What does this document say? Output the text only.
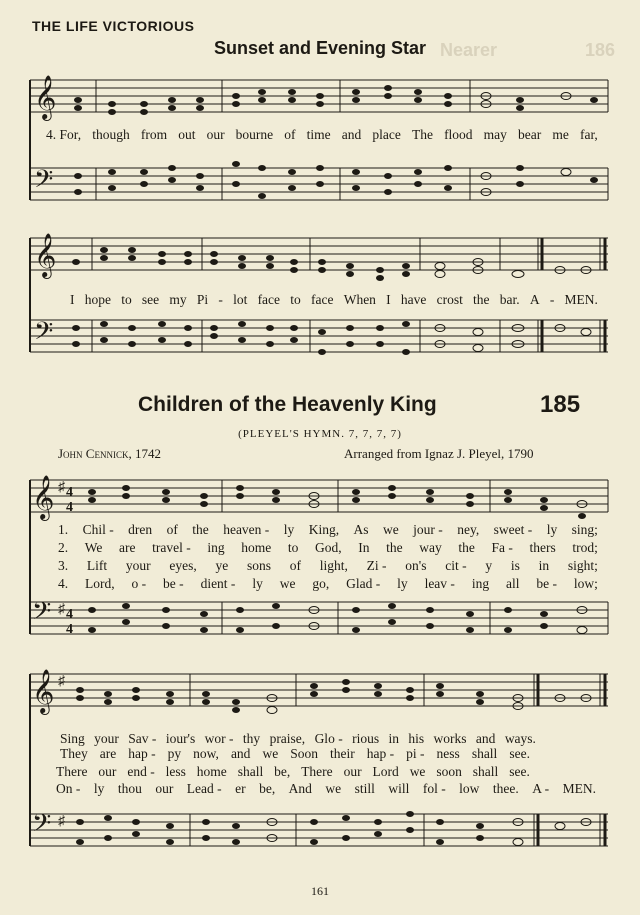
THE LIFE VICTORIOUS
Nearer	186
Sunset and Evening Star
𝄞
𝄢
4. For, though from out our bourne of time and place The flood may bear me far,
𝄞
𝄢
I hope to see my Pi - lot face to face When I have crost the bar. A - MEN.
Children of the Heavenly King	185
(PLEYEL'S HYMN. 7, 7, 7, 7)
John Cennick, 1742	Arranged from Ignaz J. Pleyel, 1790
𝄞 ♯ 4
4
𝄢 ♯ 4
4
1. Chil - dren of the heaven - ly King, As we jour - ney, sweet - ly sing;
2. We are travel - ing home to God, In the way the Fa - thers trod;
3. Lift your eyes, ye sons of light, Zi - on's cit - y is in sight;
4. Lord, o - be - dient - ly we go, Glad - ly leav - ing all be - low;
𝄞 ♯
𝄢 ♯
Sing your Sav - iour's wor - thy praise, Glo - rious in his works and ways.
They are hap - py now, and we Soon their hap - pi - ness shall see.
There our end - less home shall be, There our Lord we soon shall see.
On - ly thou our Lead - er be, And we still will fol - low thee. A - MEN.
161
